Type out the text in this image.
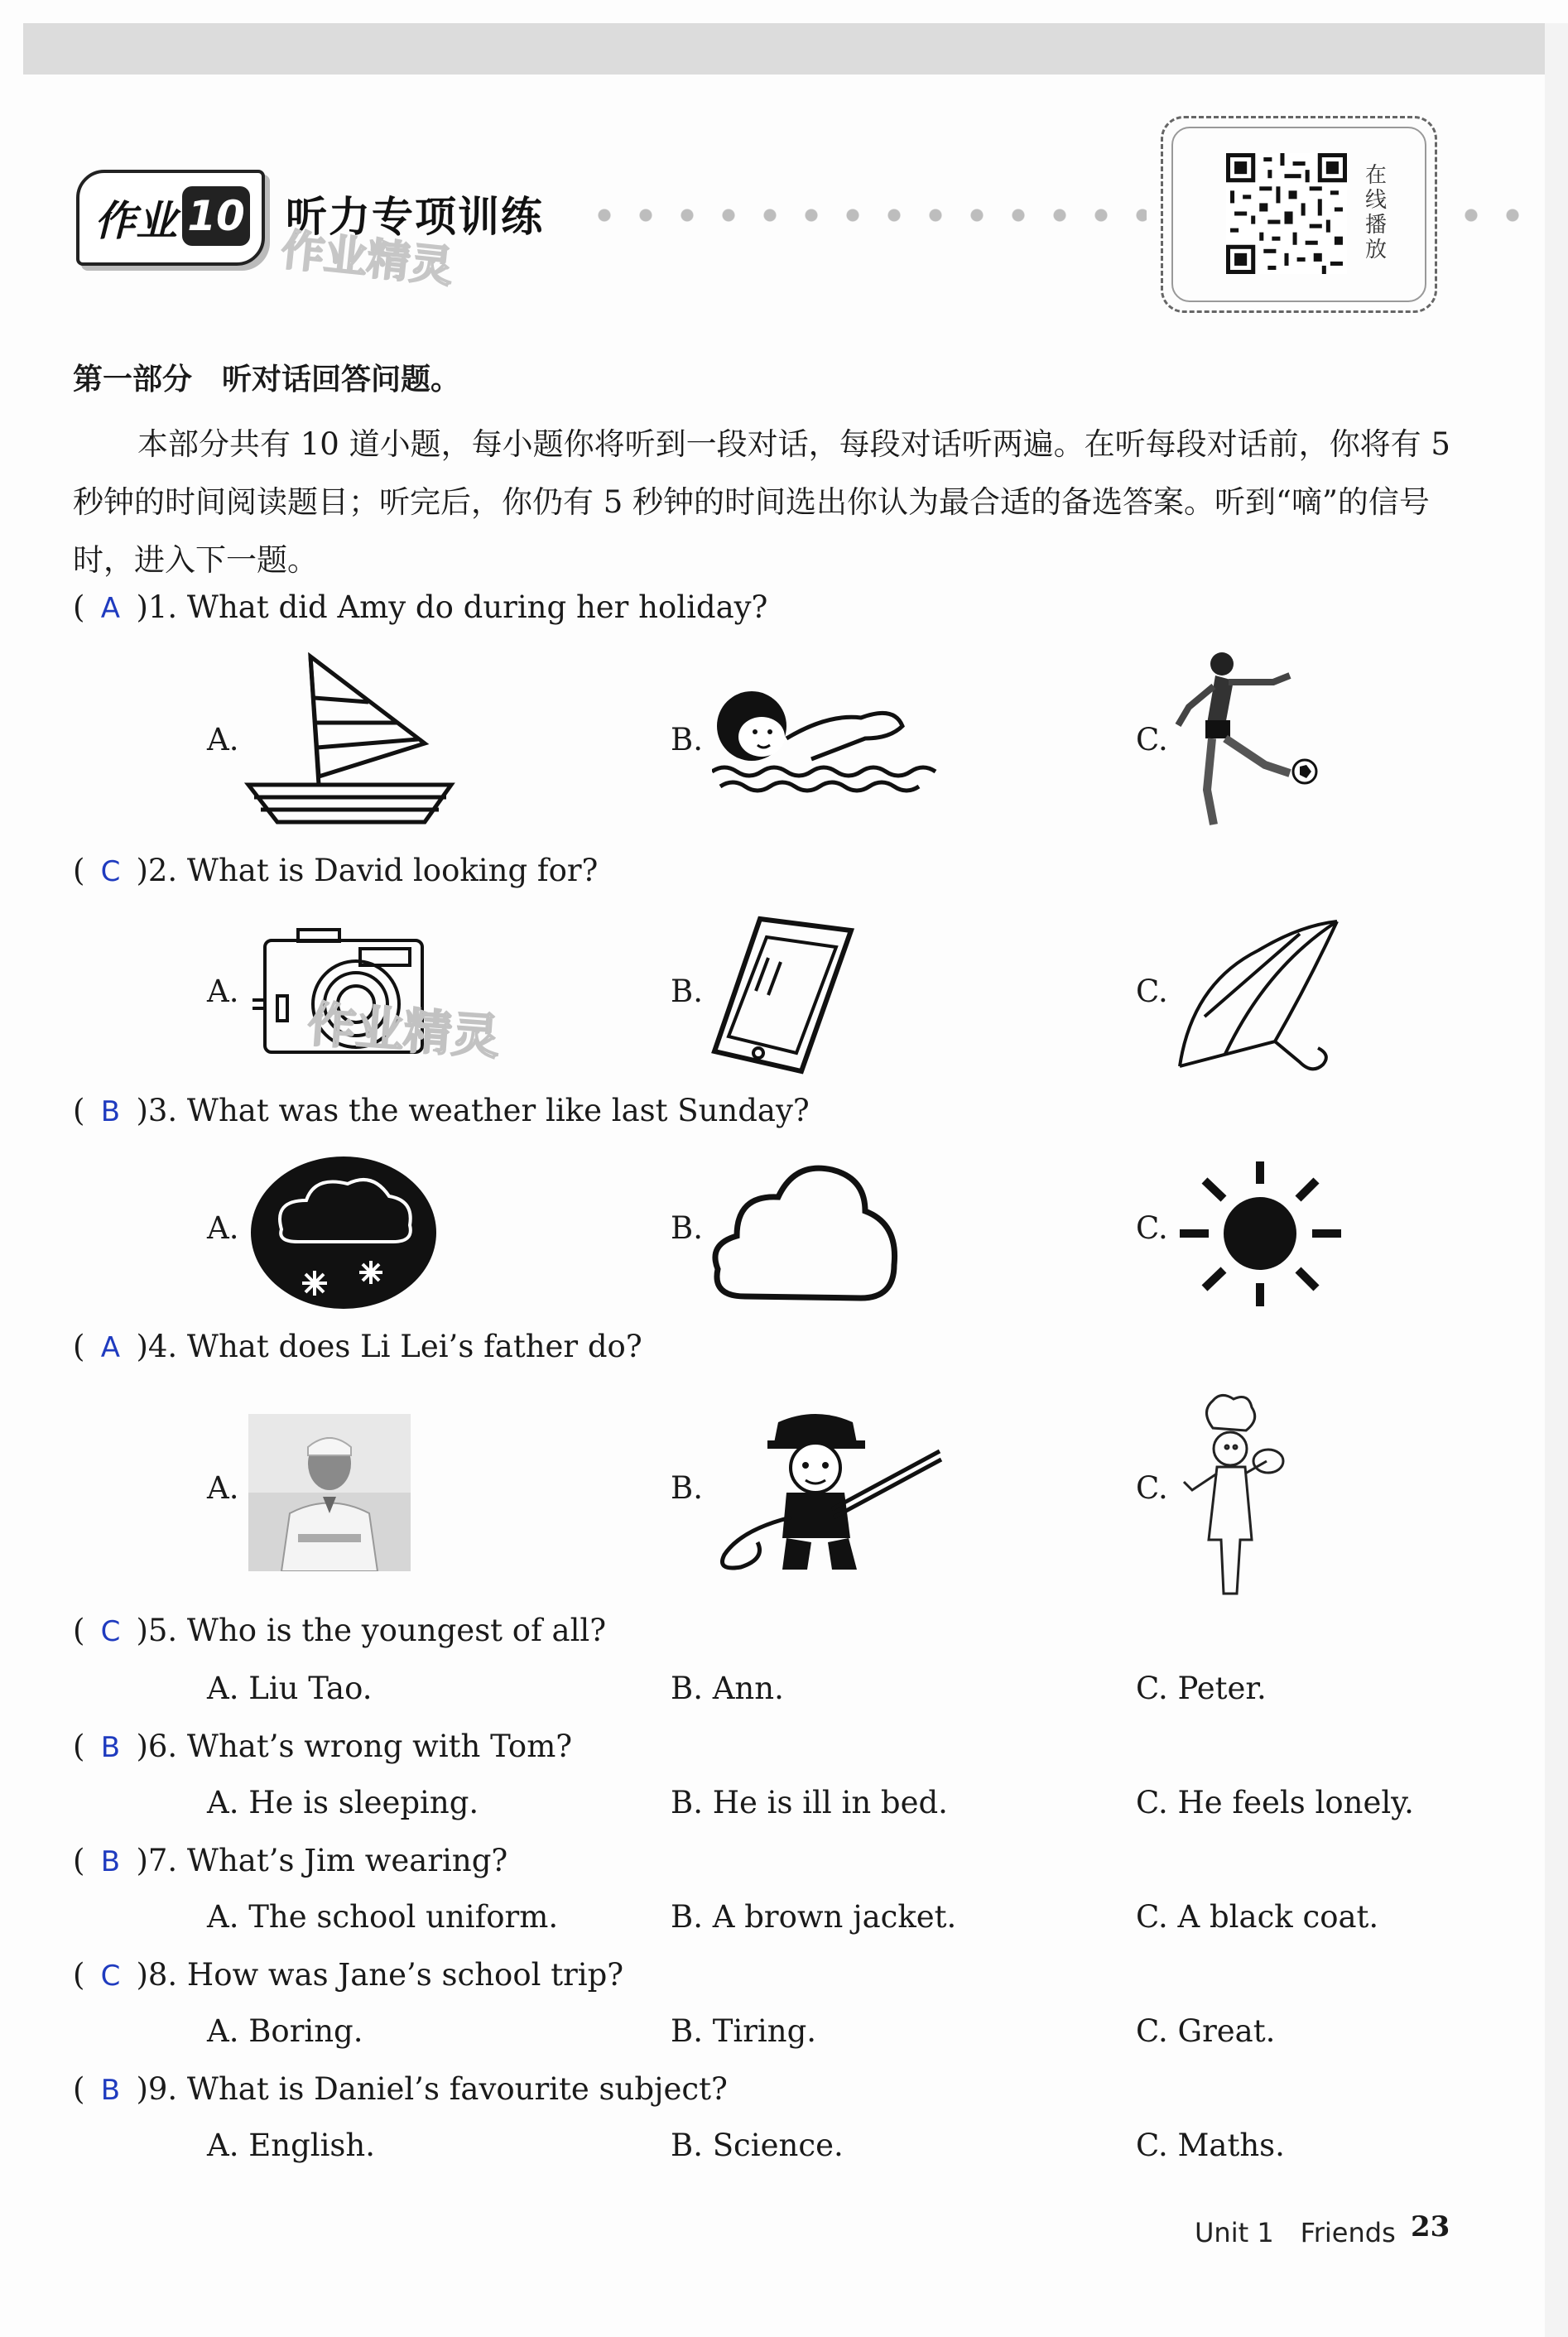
作业 10 听力专项训练
作业精灵
在
线
播
放
第一部分　听对话回答问题。
本部分共有 10 道小题，每小题你将听到一段对话，每段对话听两遍。在听每段对话前，你将有 5 秒钟的时间阅读题目；听完后，你仍有 5 秒钟的时间选出你认为最合适的备选答案。听到“嘀”的信号时，进入下一题。
( A )1. What did Amy do during her holiday?
A.	B.	C.
( C )2. What is David looking for?
A.	B.	C.
作业精灵
( B )3. What was the weather like last Sunday?
A.	B.	C.
( A )4. What does Li Lei’s father do?
A.	B.	C.
( C )5. Who is the youngest of all?
A. Liu Tao.	B. Ann.	C. Peter.
( B )6. What’s wrong with Tom?
A. He is sleeping.	B. He is ill in bed.	C. He feels lonely.
( B )7. What’s Jim wearing?
A. The school uniform.	B. A brown jacket.	C. A black coat.
( C )8. How was Jane’s school trip?
A. Boring.	B. Tiring.	C. Great.
( B )9. What is Daniel’s favourite subject?
A. English.	B. Science.	C. Maths.
Unit 1　Friends 23
